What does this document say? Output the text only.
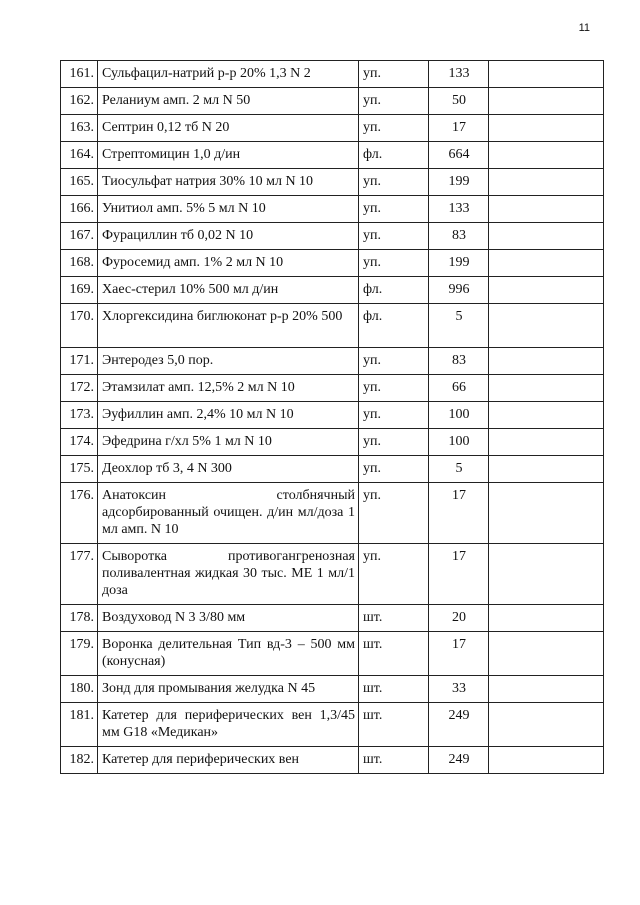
11
161.	Сульфацил-натрий р-р 20% 1,3 N 2	уп.	133	
162.	Реланиум амп. 2 мл N 50	уп.	50	
163.	Септрин 0,12 тб N 20	уп.	17	
164.	Стрептомицин 1,0 д/ин	фл.	664	
165.	Тиосульфат натрия 30% 10 мл N 10	уп.	199	
166.	Унитиол амп. 5% 5 мл N 10	уп.	133	
167.	Фурациллин тб 0,02 N 10	уп.	83	
168.	Фуросемид амп. 1% 2 мл N 10	уп.	199	
169.	Хаес-стерил 10% 500 мл д/ин	фл.	996	
170.	Хлоргексидина биглюконат р-р 20% 500	фл.	5	
171.	Энтеродез 5,0 пор.	уп.	83	
172.	Этамзилат амп. 12,5% 2 мл N 10	уп.	66	
173.	Эуфиллин амп. 2,4% 10 мл N 10	уп.	100	
174.	Эфедрина г/хл 5% 1 мл N 10	уп.	100	
175.	Деохлор тб 3, 4 N 300	уп.	5	
176.	Анатоксин столбнячный адсорбированный очищен. д/ин мл/доза 1 мл амп. N 10	уп.	17	
177.	Сыворотка противогангренозная поливалентная жидкая 30 тыс. МЕ 1 мл/1 доза	уп.	17	
178.	Воздуховод N 3 3/80 мм	шт.	20	
179.	Воронка делительная Тип вд-3 – 500 мм (конусная)	шт.	17	
180.	Зонд для промывания желудка N 45	шт.	33	
181.	Катетер для периферических вен 1,3/45 мм G18 «Медикан»	шт.	249	
182.	Катетер для периферических вен	шт.	249	
